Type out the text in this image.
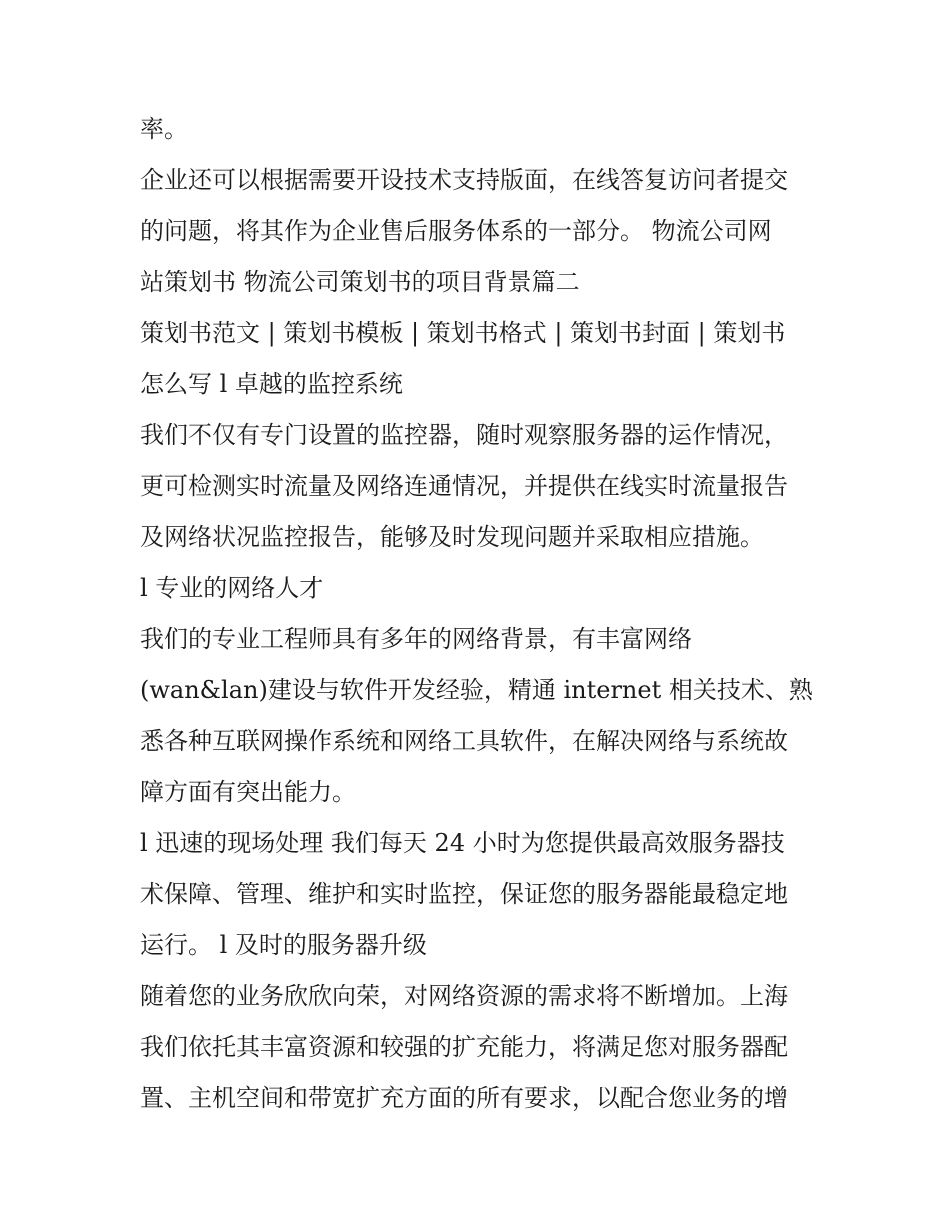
率。
企业还可以根据需要开设技术支持版面，在线答复访问者提交
的问题，将其作为企业售后服务体系的一部分。 物流公司网
站策划书 物流公司策划书的项目背景篇二
策划书范文 | 策划书模板 | 策划书格式 | 策划书封面 | 策划书
怎么写 l 卓越的监控系统
我们不仅有专门设置的监控器，随时观察服务器的运作情况，
更可检测实时流量及网络连通情况，并提供在线实时流量报告
及网络状况监控报告，能够及时发现问题并采取相应措施。
l 专业的网络人才
我们的专业工程师具有多年的网络背景，有丰富网络
(wan&lan)建设与软件开发经验，精通 internet 相关技术、熟
悉各种互联网操作系统和网络工具软件，在解决网络与系统故
障方面有突出能力。
l 迅速的现场处理 我们每天 24 小时为您提供最高效服务器技
术保障、管理、维护和实时监控，保证您的服务器能最稳定地
运行。 l 及时的服务器升级
随着您的业务欣欣向荣，对网络资源的需求将不断增加。上海
我们依托其丰富资源和较强的扩充能力，将满足您对服务器配
置、主机空间和带宽扩充方面的所有要求，以配合您业务的增
